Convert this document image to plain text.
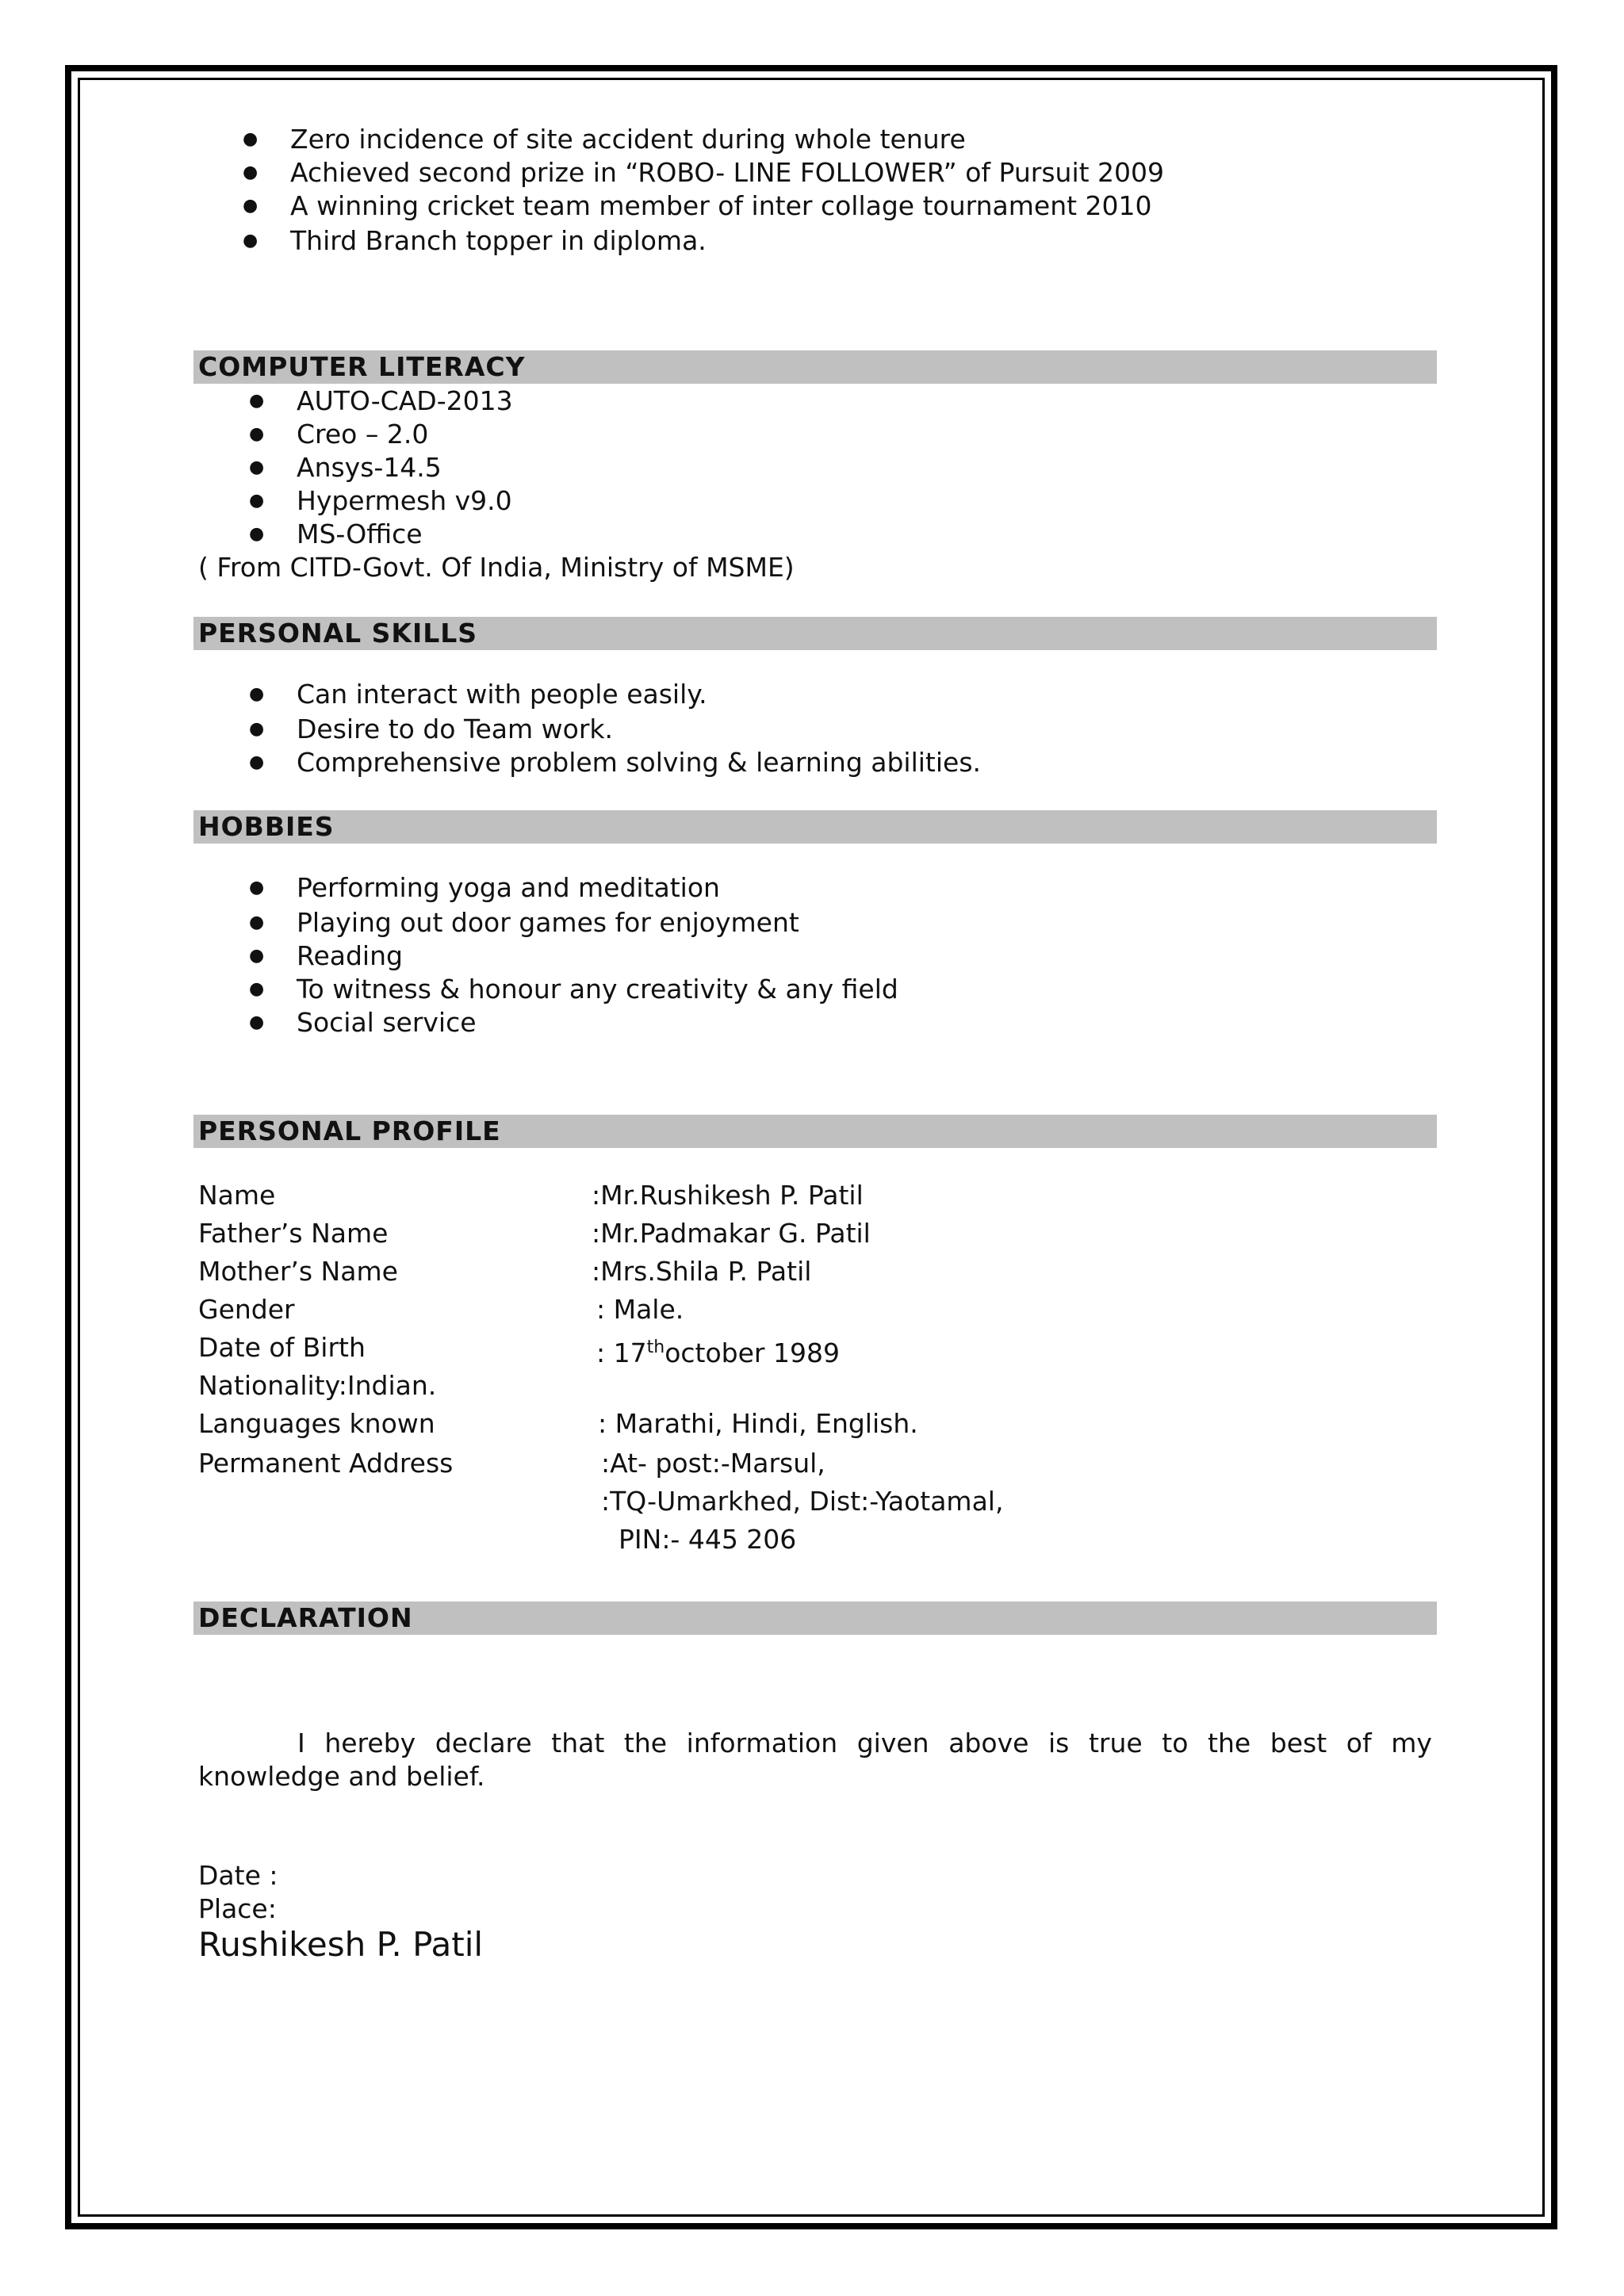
● Zero incidence of site accident during whole tenure
● Achieved second prize in “ROBO- LINE FOLLOWER” of Pursuit 2009
● A winning cricket team member of inter collage tournament 2010
● Third Branch topper in diploma.
COMPUTER LITERACY
● AUTO-CAD-2013
● Creo – 2.0
● Ansys-14.5
● Hypermesh v9.0
● MS-Office
( From CITD-Govt. Of India, Ministry of MSME)
PERSONAL SKILLS
● Can interact with people easily.
● Desire to do Team work.
● Comprehensive problem solving & learning abilities.
HOBBIES
● Performing yoga and meditation
● Playing out door games for enjoyment
● Reading
● To witness & honour any creativity & any field
● Social service
PERSONAL PROFILE
Name	:Mr.Rushikesh P. Patil
Father’s Name	:Mr.Padmakar G. Patil
Mother’s Name	:Mrs.Shila P. Patil
Gender	: Male.
Date of Birth	: 17thoctober 1989
Nationality:Indian.
Languages known	: Marathi, Hindi, English.
Permanent Address	:At- post:-Marsul,
:TQ-Umarkhed, Dist:-Yaotamal,
PIN:- 445 206
DECLARATION
I hereby declare that the information given above is true to the best of my
knowledge and belief.
Date :
Place:
Rushikesh P. Patil
